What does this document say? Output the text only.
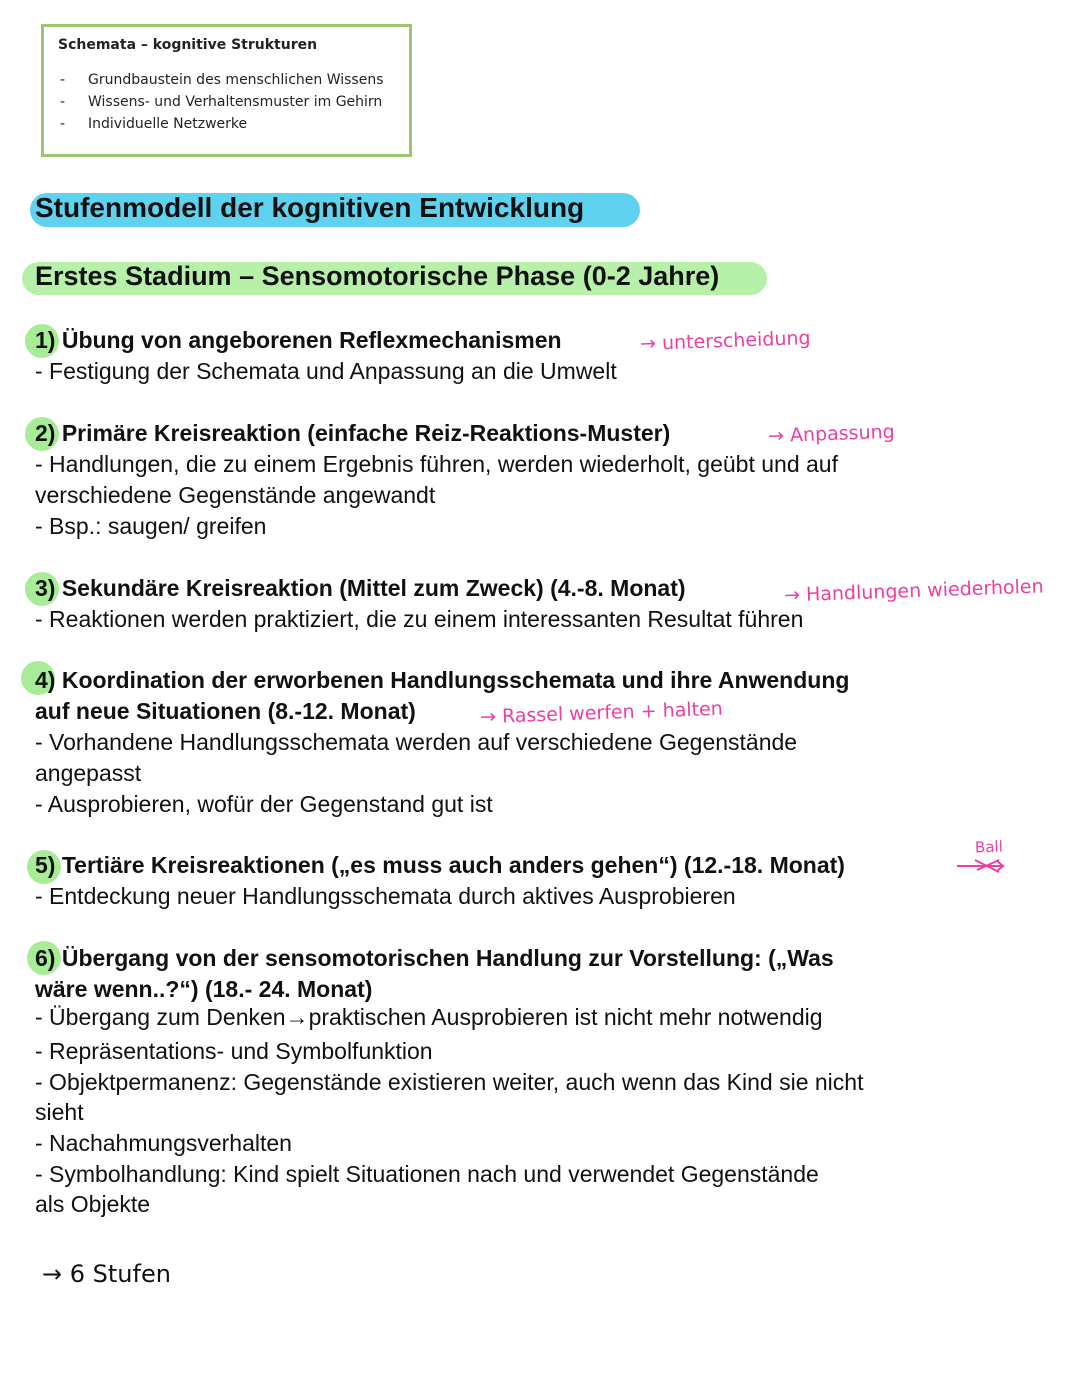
Schemata – kognitive Strukturen

- Grundbaustein des menschlichen Wissens
- Wissens- und Verhaltensmuster im Gehirn
- Individuelle Netzwerke
Stufenmodell der kognitiven Entwicklung
Erstes Stadium – Sensomotorische Phase (0-2 Jahre)
1) Übung von angeborenen Reflexmechanismen	→ unterscheidung
- Festigung der Schemata und Anpassung an die Umwelt
2) Primäre Kreisreaktion (einfache Reiz-Reaktions-Muster)	→ Anpassung
- Handlungen, die zu einem Ergebnis führen, werden wiederholt, geübt und auf
verschiedene Gegenstände angewandt
- Bsp.: saugen/ greifen
3) Sekundäre Kreisreaktion (Mittel zum Zweck) (4.-8. Monat)	→ Handlungen wiederholen
- Reaktionen werden praktiziert, die zu einem interessanten Resultat führen
4) Koordination der erworbenen Handlungsschemata und ihre Anwendung
auf neue Situationen (8.-12. Monat)	→ Rassel werfen + halten
- Vorhandene Handlungsschemata werden auf verschiedene Gegenstände
angepasst
- Ausprobieren, wofür der Gegenstand gut ist
5) Tertiäre Kreisreaktionen („es muss auch anders gehen“) (12.-18. Monat)
Ball
- Entdeckung neuer Handlungsschemata durch aktives Ausprobieren
6) Übergang von der sensomotorischen Handlung zur Vorstellung: („Was
wäre wenn..?“) (18.- 24. Monat)
- Übergang zum Denken→praktischen Ausprobieren ist nicht mehr notwendig
- Repräsentations- und Symbolfunktion
- Objektpermanenz: Gegenstände existieren weiter, auch wenn das Kind sie nicht
sieht
- Nachahmungsverhalten
- Symbolhandlung: Kind spielt Situationen nach und verwendet Gegenstände
als Objekte
→ 6 Stufen
